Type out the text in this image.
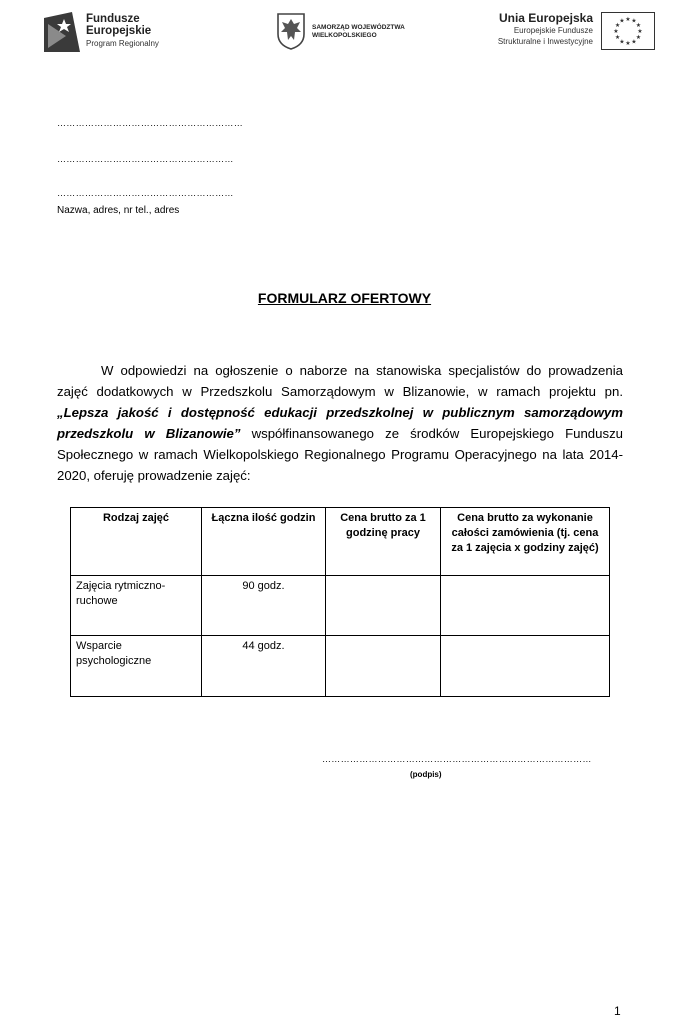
Fundusze
Europejskie
Program Regionalny
SAMORZĄD WOJEWÓDZTWA
WIELKOPOLSKIEGO
Unia Europejska
Europejskie Fundusze
Strukturalne i Inwestycyjne
★ ★
★
★
★
★
★
★
★
★
★
★
……………………………………………………
…………………………………………………
…………………………………………………
Nazwa, adres, nr tel., adres
FORMULARZ OFERTOWY
W odpowiedzi na ogłoszenie o naborze na stanowiska specjalistów do prowadzenia zajęć dodatkowych w Przedszkolu Samorządowym w Blizanowie, w ramach projektu pn. „Lepsza jakość i dostępność edukacji przedszkolnej w publicznym samorządowym przedszkolu w Blizanowie” współfinansowanego ze środków Europejskiego Funduszu Społecznego w ramach Wielkopolskiego Regionalnego Programu Operacyjnego na lata 2014-2020, oferuję prowadzenie zajęć:
Rodzaj zajęć	Łączna ilość godzin	Cena brutto za 1 godzinę pracy	Cena brutto za wykonanie całości zamówienia (tj. cena za 1 zajęcia x godziny zajęć)
Zajęcia rytmiczno-ruchowe	90 godz.		
Wsparcie psychologiczne	44 godz.		
……………………………………………………………………………
(podpis)
1
